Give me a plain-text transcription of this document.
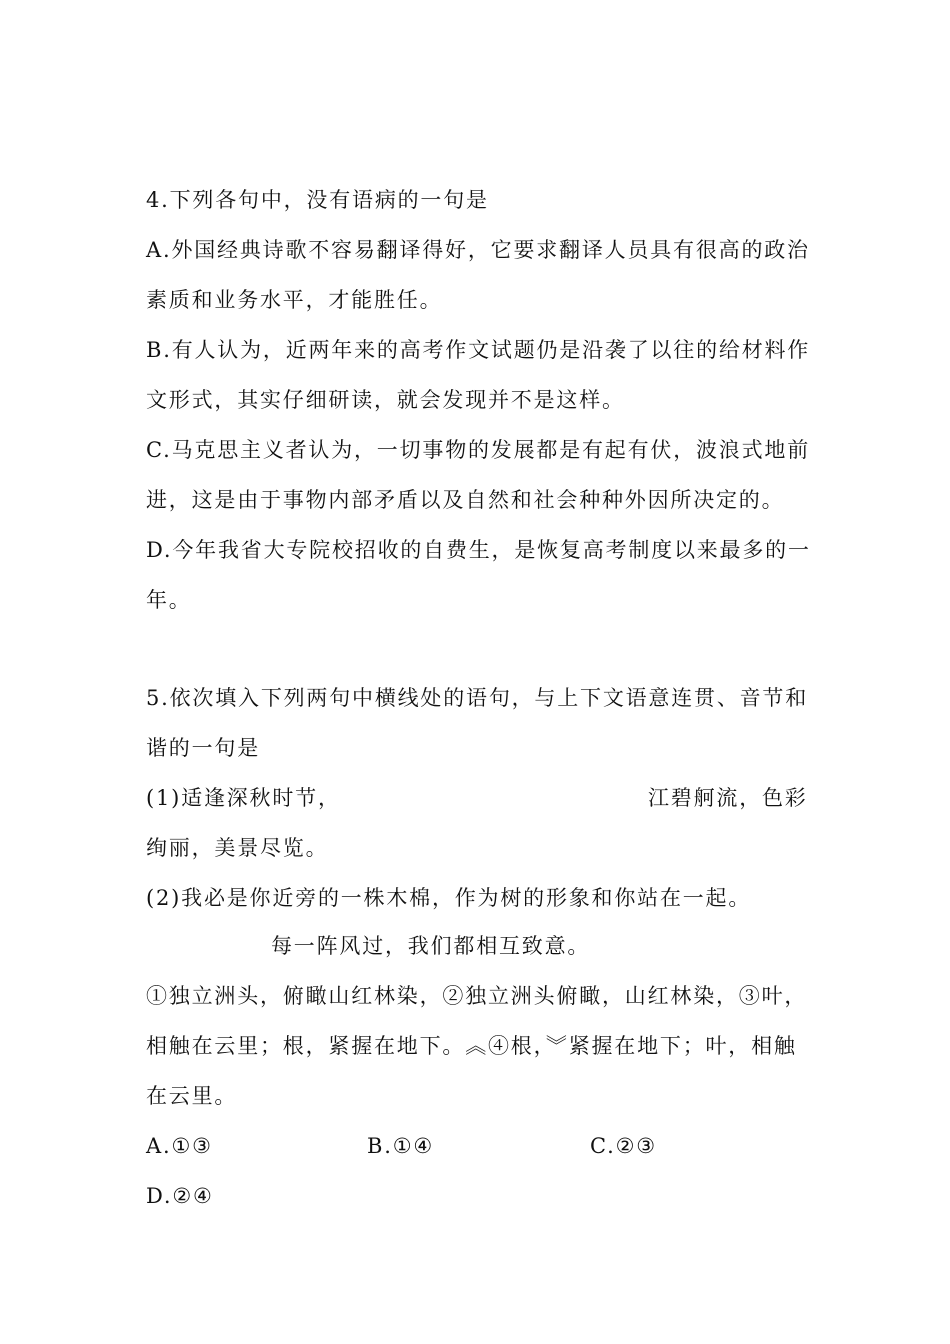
4.下列各句中，没有语病的一句是
A.外国经典诗歌不容易翻译得好，它要求翻译人员具有很高的政治
素质和业务水平，才能胜任。
B.有人认为，近两年来的高考作文试题仍是沿袭了以往的给材料作
文形式，其实仔细研读，就会发现并不是这样。
C.马克思主义者认为，一切事物的发展都是有起有伏，波浪式地前
进，这是由于事物内部矛盾以及自然和社会种种外因所决定的。
D.今年我省大专院校招收的自费生，是恢复高考制度以来最多的一
年。
5.依次填入下列两句中横线处的语句，与上下文语意连贯、音节和
谐的一句是
(1)适逢深秋时节，	江碧舸流，色彩
绚丽，美景尽览。
(2)我必是你近旁的一株木棉，作为树的形象和你站在一起。
每一阵风过，我们都相互致意。
①独立洲头，俯瞰山红林染，②独立洲头俯瞰，山红林染，③叶，
相触在云里；根，紧握在地下。︽④根，︾紧握在地下；叶，相触
在云里。
A.①③	B.①④	C.②③
D.②④
